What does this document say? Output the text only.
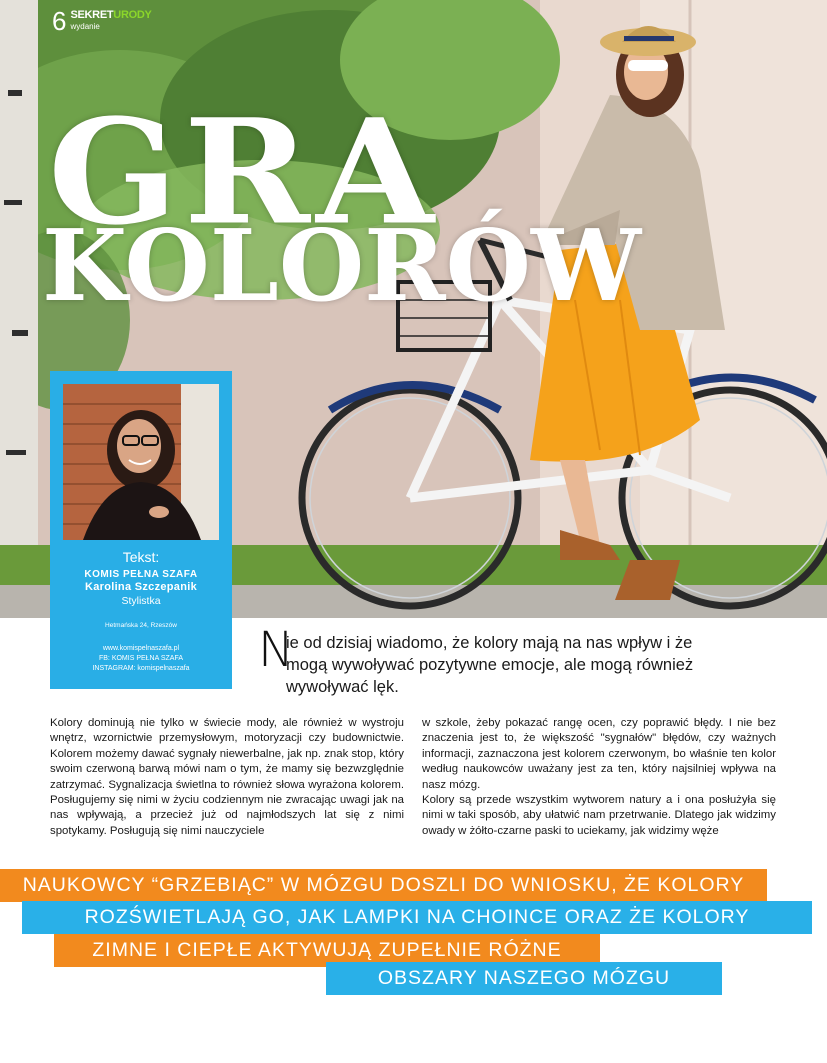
6 SEKRETURODY
wydanie
GRA
KOLORÓW
Tekst:
KOMIS PEŁNA SZAFA
Karolina Szczepanik
Stylistka
Hetmańska 24, Rzeszów
www.komispelnaszafa.pl
FB: KOMIS PEŁNA SZAFA
INSTAGRAM: komispelnaszafa	N

ie od dzisiaj wiadomo, że kolory mają na nas wpływ i że mogą wywoływać pozytywne emocje, ale mogą również wywoływać lęk.

Kolory dominują nie tylko w świecie mody, ale również w wystroju wnętrz, wzornictwie przemysłowym, motoryzacji czy budownictwie. Kolorem możemy dawać sygnały niewerbalne, jak np. znak stop, który swoim czerwoną barwą mówi nam o tym, że mamy się bezwzględnie zatrzymać. Sygnalizacja świetlna to również słowa wyrażona kolorem. Posługujemy się nimi w życiu codziennym nie zwracając uwagi jak na nas wpływają, a przecież już od najmłodszych lat się z nimi spotykamy. Posługują się nimi nauczyciele

w szkole, żeby pokazać rangę ocen, czy poprawić błędy. I nie bez znaczenia jest to, że większość "sygnałów" błędów, czy ważnych informacji, zaznaczona jest kolorem czerwonym, bo właśnie ten kolor według naukowców uważany jest za ten, który najsilniej wpływa na nasz mózg.

Kolory są przede wszystkim wytworem natury a i ona posłużyła się nimi w taki sposób, aby ułatwić nam przetrwanie. Dlatego jak widzimy owady w żółto-czarne paski to uciekamy, jak widzimy węże

NAUKOWCY “GRZEBIĄC” W MÓZGU DOSZLI DO WNIOSKU, ŻE KOLORY
ROZŚWIETLAJĄ GO, JAK LAMPKI NA CHOINCE ORAZ ŻE KOLORY
ZIMNE I CIEPŁE AKTYWUJĄ ZUPEŁNIE RÓŻNE
OBSZARY NASZEGO MÓZGU
